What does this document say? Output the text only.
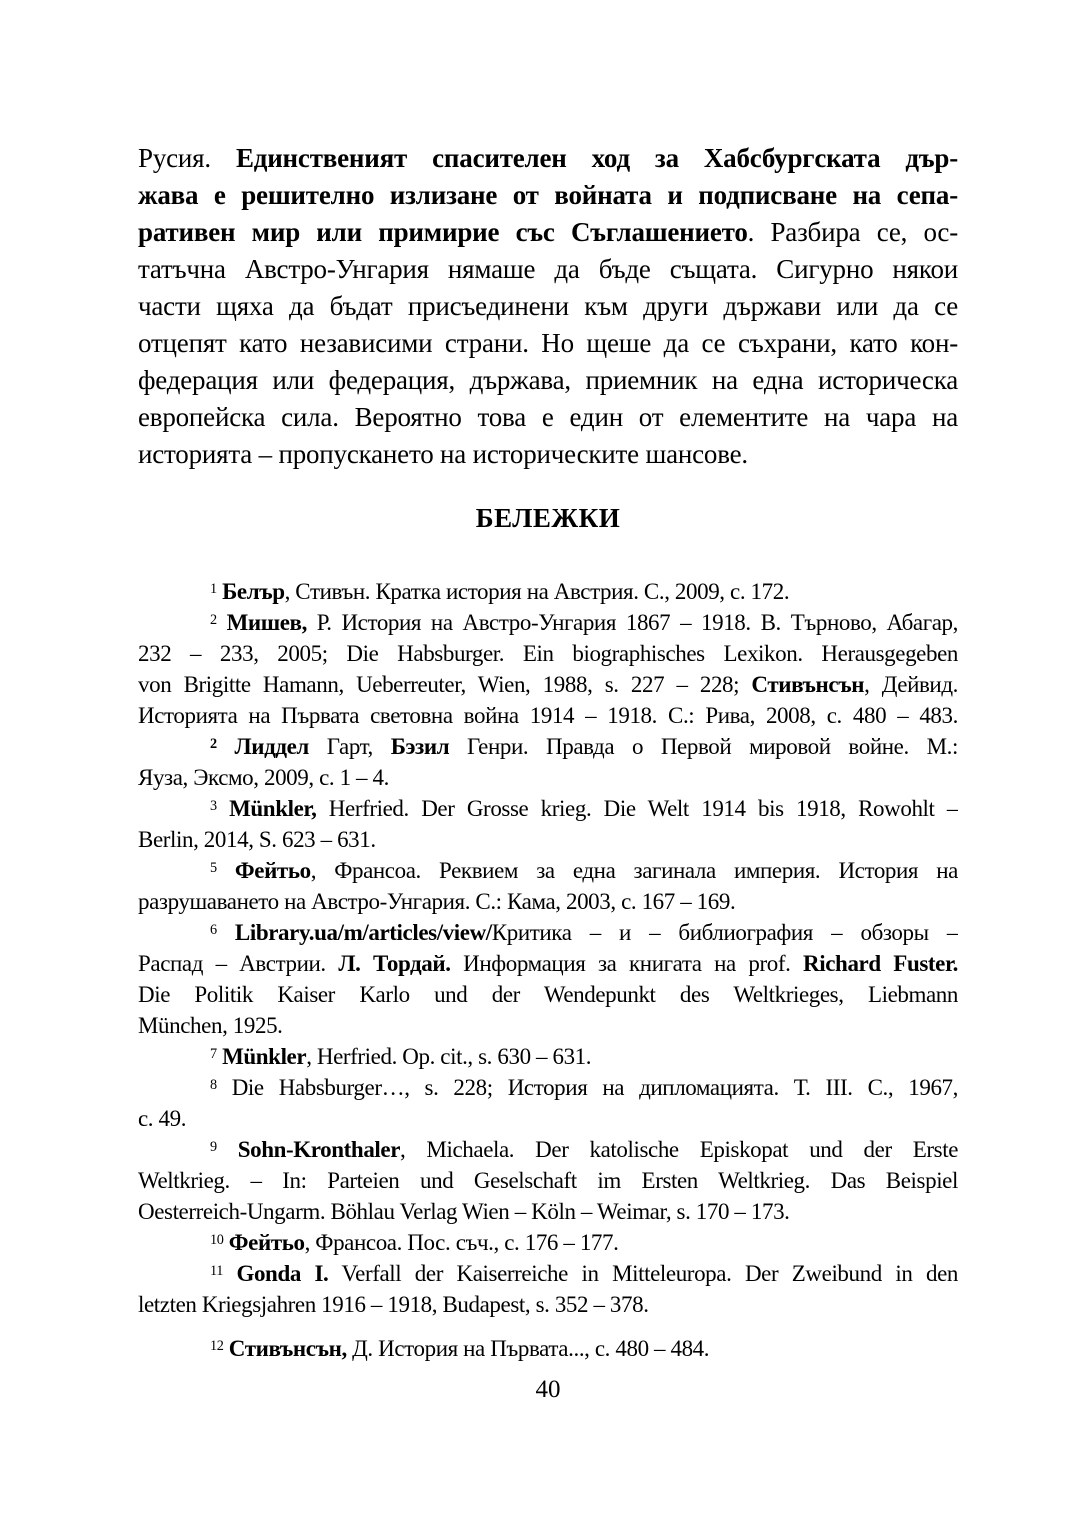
Русия. Единственият спасителен ход за Хабсбургската дър-
жава е решително излизане от войната и подписване на сепа-
ративен мир или примирие със Съглашението. Разбира се, ос-
татъчна Австро-Унгария нямаше да бъде същата. Сигурно някои
части щяха да бъдат присъединени към други държави или да се
отцепят като независими страни. Но щеше да се съхрани, като кон-
федерация или федерация, държава, приемник на една историческа
европейска сила. Вероятно това е един от елементите на чара на
историята – пропускането на историческите шансове.
БЕЛЕЖКИ
$^1$ Белър, Стивън. Кратка история на Австрия. С., 2009, с. 172.
$^2$ Мишев, Р. История на Австро-Унгария 1867 – 1918. В. Търново, Абагар,
232 – 233, 2005; Die Habsburger. Ein biographisches Lexikon. Herausgegeben
von Brigitte Hamann, Ueberreuter, Wien, 1988, s. 227 – 228; Стивънсън, Дейвид.
Историята на Първата световна война 1914 – 1918. С.: Рива, 2008, с. 480 – 483.
$^2$ Лиддел Гарт, Бэзил Генри. Правда о Первой мировой войне. М.:
Яуза, Эксмо, 2009, с. 1 – 4.
$^3$ Münkler, Herfried. Der Grosse krieg. Die Welt 1914 bis 1918, Rowohlt –
Berlin, 2014, S. 623 – 631.
$^5$ Фейтьо, Франсоа. Реквием за една загинала империя. История на
разрушаването на Австро-Унгария. С.: Кама, 2003, с. 167 – 169.
$^6$ Library.ua/m/articles/view/Критика – и – библиография – обзоры –
Распад – Австрии. Л. Тордай. Информация за книгата на prof. Richard Fuster.
Die Politik Kaiser Karlo und der Wendepunkt des Weltkrieges, Liebmann
München, 1925.
$^7$ Münkler, Herfried. Op. cit., s. 630 – 631.
$^8$ Die Habsburger…, s. 228; История на дипломацията. Т. III. С., 1967,
с. 49.
$^9$ Sohn-Kronthaler, Michaela. Der katolische Episkopat und der Erste
Weltkrieg. – In: Parteien und Geselschaft im Ersten Weltkrieg. Das Beispiel
Oesterreich-Ungarm. Böhlau Verlag Wien – Köln – Weimar, s. 170 – 173.
$^{10}$ Фейтьо, Франсоа. Пос. съч., с. 176 – 177.
$^{11}$ Gonda I. Verfall der Kaiserreiche in Mitteleuropa. Der Zweibund in den
letzten Kriegsjahren 1916 – 1918, Budapest, s. 352 – 378.
$^{12}$ Стивънсън, Д. История на Първата..., с. 480 – 484.
40
